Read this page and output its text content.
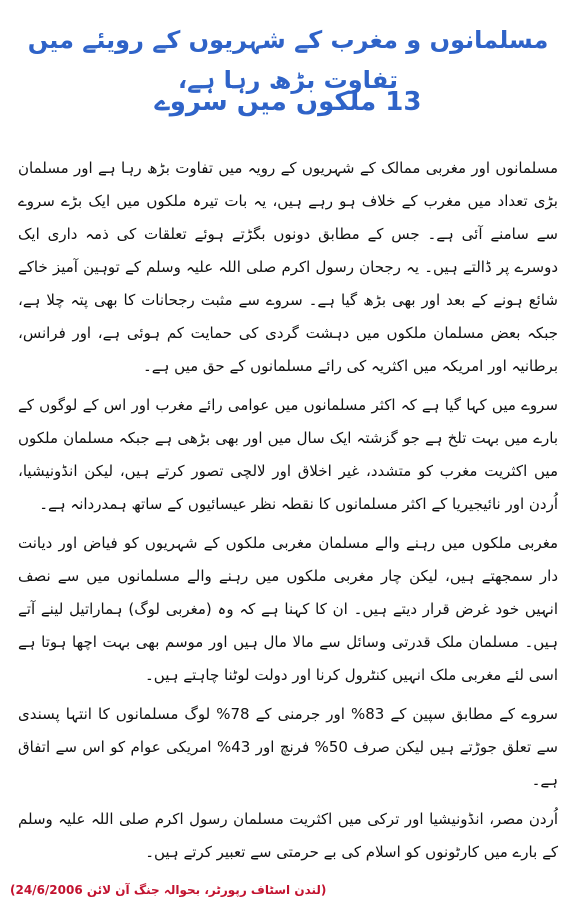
مسلمانوں و مغرب کے شہریوں کے رویئے میں تفاوت بڑھ رہا ہے،
13 ملکوں میں سروے

مسلمانوں اور مغربی ممالک کے شہریوں کے رویہ میں تفاوت بڑھ رہا ہے اور مسلمان بڑی تعداد میں مغرب کے خلاف ہو رہے ہیں، یہ بات تیرہ ملکوں میں ایک بڑے سروے سے سامنے آئی ہے۔ جس کے مطابق دونوں بگڑتے ہوئے تعلقات کی ذمہ داری ایک دوسرے پر ڈالتے ہیں۔ یہ رجحان رسول اکرم صلی اللہ علیہ وسلم کے توہین آمیز خاکے شائع ہونے کے بعد اور بھی بڑھ گیا ہے۔ سروے سے مثبت رجحانات کا بھی پتہ چلا ہے، جبکہ بعض مسلمان ملکوں میں دہشت گردی کی حمایت کم ہوئی ہے، اور فرانس، برطانیہ اور امریکہ میں اکثریہ کی رائے مسلمانوں کے حق میں ہے۔

سروے میں کہا گیا ہے کہ اکثر مسلمانوں میں عوامی رائے مغرب اور اس کے لوگوں کے بارے میں بہت تلخ ہے جو گزشتہ ایک سال میں اور بھی بڑھی ہے جبکہ مسلمان ملکوں میں اکثریت مغرب کو متشدد، غیر اخلاق اور لالچی تصور کرتے ہیں، لیکن انڈونیشیا، اُردن اور نائیجیریا کے اکثر مسلمانوں کا نقطہ نظر عیسائیوں کے ساتھ ہمدردانہ ہے۔

مغربی ملکوں میں رہنے والے مسلمان مغربی ملکوں کے شہریوں کو فیاض اور دیانت دار سمجھتے ہیں، لیکن چار مغربی ملکوں میں رہنے والے مسلمانوں میں سے نصف انہیں خود غرض قرار دیتے ہیں۔ ان کا کہنا ہے کہ وہ (مغربی لوگ) ہماراتیل لینے آتے ہیں۔ مسلمان ملک قدرتی وسائل سے مالا مال ہیں اور موسم بھی بہت اچھا ہوتا ہے اسی لئے مغربی ملک انہیں کنٹرول کرنا اور دولت لوٹنا چاہتے ہیں۔

سروے کے مطابق سپین کے 83% اور جرمنی کے 78% لوگ مسلمانوں کا انتہا پسندی سے تعلق جوڑتے ہیں لیکن صرف 50% فرنچ اور 43% امریکی عوام کو اس سے اتفاق ہے۔

اُردن مصر، انڈونیشیا اور ترکی میں اکثریت مسلمان رسول اکرم صلی اللہ علیہ وسلم کے بارے میں کارٹونوں کو اسلام کی بے حرمتی سے تعبیر کرتے ہیں۔

(لندن اسٹاف رپورٹر، بحوالہ جنگ آن لائن 24/6/2006)
